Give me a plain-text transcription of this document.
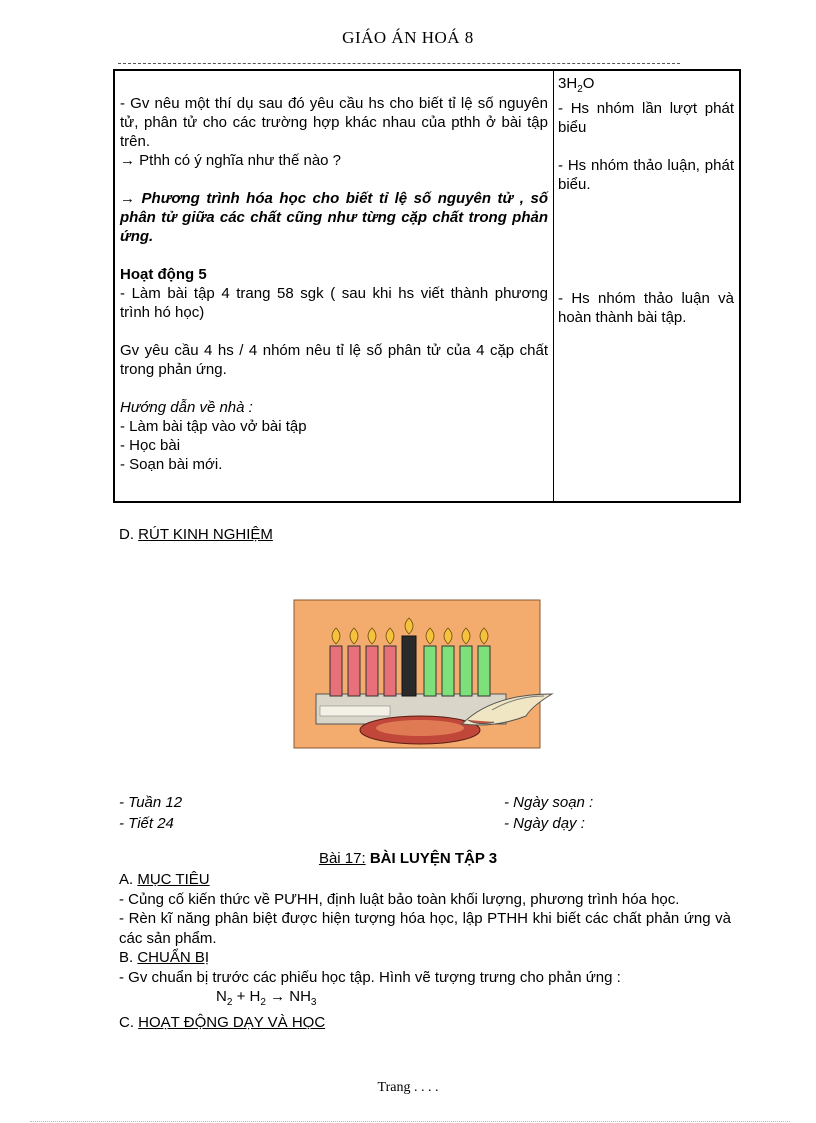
GIÁO ÁN HOÁ 8

- Gv nêu một thí dụ sau đó yêu cầu hs cho biết tỉ lệ số nguyên tử, phân tử cho các trường hợp khác nhau của pthh ở bài tập trên.

→ Pthh có ý nghĩa như thế nào ?

→ Phương trình hóa học cho biết tỉ lệ số nguyên tử , số phân tử giữa các chất cũng như từng cặp chất trong phản ứng.

Hoạt động 5

- Làm bài tập 4 trang 58 sgk ( sau khi hs viết thành phương trình hó học)

Gv yêu cầu 4 hs / 4 nhóm nêu tỉ lệ số phân tử của 4 cặp chất trong phản ứng.

Hướng dẫn về nhà :

- Làm bài tập vào vở bài tập

- Học bài

- Soạn bài mới.

$3H_2O$

- Hs nhóm lần lượt phát biểu

- Hs nhóm thảo luận, phát biểu.

- Hs nhóm thảo luận và hoàn thành bài tập.

D. RÚT KINH NGHIỆM
- Tuần 12
- Tiết 24
- Ngày soạn :
- Ngày dạy :
Bài 17: BÀI LUYỆN TẬP 3

A. MỤC TIÊU

- Củng cố kiến thức về PƯHH, định luật bảo toàn khối lượng, phương trình hóa học.

- Rèn kĩ năng phân biệt được hiện tượng hóa học, lập PTHH khi biết các chất phản ứng và các sản phẩm.

B. CHUẨN BỊ

- Gv chuẩn bị trước các phiếu học tập. Hình vẽ tượng trưng cho phản ứng :

$N_2 + H_2 \to NH_3$

C. HOẠT ĐỘNG DẠY VÀ HỌC

Trang . . . .
